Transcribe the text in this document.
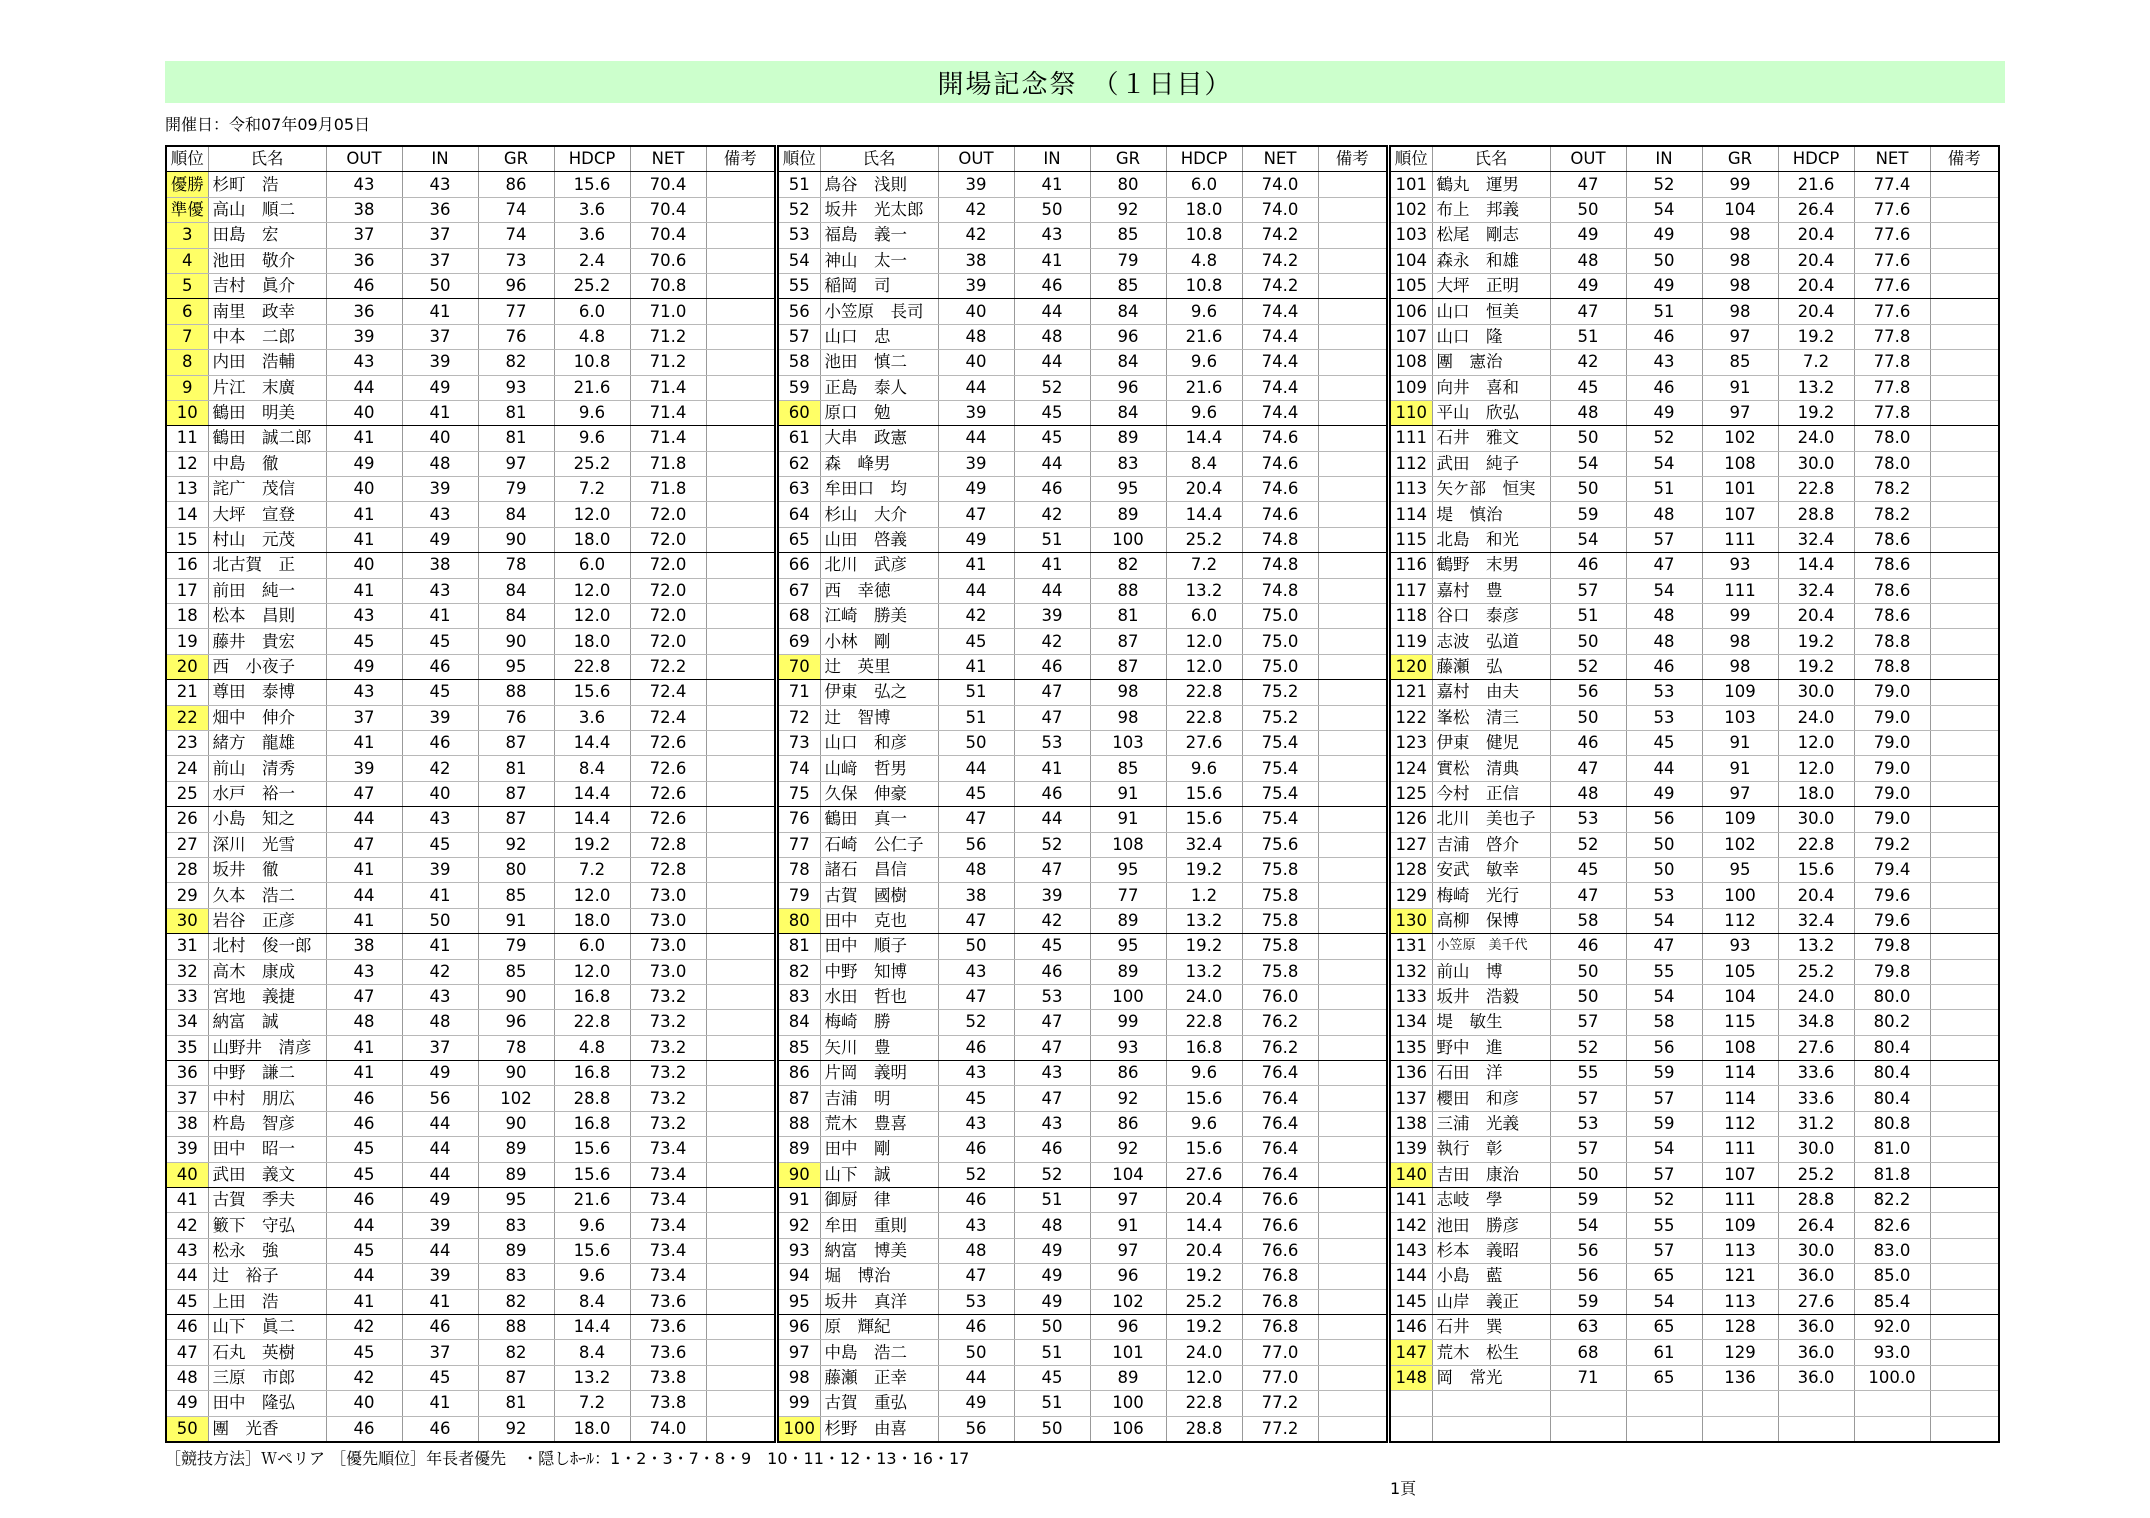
開場記念祭　（１日目）
開催日：令和07年09月05日
順位	氏名	OUT	IN	GR	HDCP	NET	備考
優勝	杉町　浩	43	43	86	15.6	70.4	
準優	高山　順二	38	36	74	3.6	70.4	
3	田島　宏	37	37	74	3.6	70.4	
4	池田　敬介	36	37	73	2.4	70.6	
5	吉村　眞介	46	50	96	25.2	70.8	
6	南里　政幸	36	41	77	6.0	71.0	
7	中本　二郎	39	37	76	4.8	71.2	
8	内田　浩輔	43	39	82	10.8	71.2	
9	片江　末廣	44	49	93	21.6	71.4	
10	鶴田　明美	40	41	81	9.6	71.4	
11	鶴田　誠二郎	41	40	81	9.6	71.4	
12	中島　徹	49	48	97	25.2	71.8	
13	詫广　茂信	40	39	79	7.2	71.8	
14	大坪　宣登	41	43	84	12.0	72.0	
15	村山　元茂	41	49	90	18.0	72.0	
16	北古賀　正	40	38	78	6.0	72.0	
17	前田　純一	41	43	84	12.0	72.0	
18	松本　昌則	43	41	84	12.0	72.0	
19	藤井　貴宏	45	45	90	18.0	72.0	
20	西　小夜子	49	46	95	22.8	72.2	
21	尊田　泰博	43	45	88	15.6	72.4	
22	畑中　伸介	37	39	76	3.6	72.4	
23	緒方　龍雄	41	46	87	14.4	72.6	
24	前山　清秀	39	42	81	8.4	72.6	
25	水戸　裕一	47	40	87	14.4	72.6	
26	小島　知之	44	43	87	14.4	72.6	
27	深川　光雪	47	45	92	19.2	72.8	
28	坂井　徹	41	39	80	7.2	72.8	
29	久本　浩二	44	41	85	12.0	73.0	
30	岩谷　正彦	41	50	91	18.0	73.0	
31	北村　俊一郎	38	41	79	6.0	73.0	
32	高木　康成	43	42	85	12.0	73.0	
33	宮地　義捷	47	43	90	16.8	73.2	
34	納富　誠	48	48	96	22.8	73.2	
35	山野井　清彦	41	37	78	4.8	73.2	
36	中野　謙二	41	49	90	16.8	73.2	
37	中村　朋広	46	56	102	28.8	73.2	
38	杵島　智彦	46	44	90	16.8	73.2	
39	田中　昭一	45	44	89	15.6	73.4	
40	武田　義文	45	44	89	15.6	73.4	
41	古賀　季夫	46	49	95	21.6	73.4	
42	籔下　守弘	44	39	83	9.6	73.4	
43	松永　強	45	44	89	15.6	73.4	
44	辻　裕子	44	39	83	9.6	73.4	
45	上田　浩	41	41	82	8.4	73.6	
46	山下　眞二	42	46	88	14.4	73.6	
47	石丸　英樹	45	37	82	8.4	73.6	
48	三原　市郎	42	45	87	13.2	73.8	
49	田中　隆弘	40	41	81	7.2	73.8	
50	團　光香	46	46	92	18.0	74.0	
順位	氏名	OUT	IN	GR	HDCP	NET	備考
51	鳥谷　浅則	39	41	80	6.0	74.0	
52	坂井　光太郎	42	50	92	18.0	74.0	
53	福島　義一	42	43	85	10.8	74.2	
54	神山　太一	38	41	79	4.8	74.2	
55	稲岡　司	39	46	85	10.8	74.2	
56	小笠原　長司	40	44	84	9.6	74.4	
57	山口　忠	48	48	96	21.6	74.4	
58	池田　慎二	40	44	84	9.6	74.4	
59	正島　泰人	44	52	96	21.6	74.4	
60	原口　勉	39	45	84	9.6	74.4	
61	大串　政憲	44	45	89	14.4	74.6	
62	森　峰男	39	44	83	8.4	74.6	
63	牟田口　均	49	46	95	20.4	74.6	
64	杉山　大介	47	42	89	14.4	74.6	
65	山田　啓義	49	51	100	25.2	74.8	
66	北川　武彦	41	41	82	7.2	74.8	
67	西　幸徳	44	44	88	13.2	74.8	
68	江崎　勝美	42	39	81	6.0	75.0	
69	小林　剛	45	42	87	12.0	75.0	
70	辻　英里	41	46	87	12.0	75.0	
71	伊東　弘之	51	47	98	22.8	75.2	
72	辻　智博	51	47	98	22.8	75.2	
73	山口　和彦	50	53	103	27.6	75.4	
74	山﨑　哲男	44	41	85	9.6	75.4	
75	久保　伸豪	45	46	91	15.6	75.4	
76	鶴田　真一	47	44	91	15.6	75.4	
77	石崎　公仁子	56	52	108	32.4	75.6	
78	諸石　昌信	48	47	95	19.2	75.8	
79	古賀　國樹	38	39	77	1.2	75.8	
80	田中　克也	47	42	89	13.2	75.8	
81	田中　順子	50	45	95	19.2	75.8	
82	中野　知博	43	46	89	13.2	75.8	
83	水田　哲也	47	53	100	24.0	76.0	
84	梅崎　勝	52	47	99	22.8	76.2	
85	矢川　豊	46	47	93	16.8	76.2	
86	片岡　義明	43	43	86	9.6	76.4	
87	吉浦　明	45	47	92	15.6	76.4	
88	荒木　豊喜	43	43	86	9.6	76.4	
89	田中　剛	46	46	92	15.6	76.4	
90	山下　誠	52	52	104	27.6	76.4	
91	御厨　律	46	51	97	20.4	76.6	
92	牟田　重則	43	48	91	14.4	76.6	
93	納富　博美	48	49	97	20.4	76.6	
94	堀　博治	47	49	96	19.2	76.8	
95	坂井　真洋	53	49	102	25.2	76.8	
96	原　輝紀	46	50	96	19.2	76.8	
97	中島　浩二	50	51	101	24.0	77.0	
98	藤瀬　正幸	44	45	89	12.0	77.0	
99	古賀　重弘	49	51	100	22.8	77.2	
100	杉野　由喜	56	50	106	28.8	77.2	
順位	氏名	OUT	IN	GR	HDCP	NET	備考
101	鶴丸　運男	47	52	99	21.6	77.4	
102	布上　邦義	50	54	104	26.4	77.6	
103	松尾　剛志	49	49	98	20.4	77.6	
104	森永　和雄	48	50	98	20.4	77.6	
105	大坪　正明	49	49	98	20.4	77.6	
106	山口　恒美	47	51	98	20.4	77.6	
107	山口　隆	51	46	97	19.2	77.8	
108	團　憲治	42	43	85	7.2	77.8	
109	向井　喜和	45	46	91	13.2	77.8	
110	平山　欣弘	48	49	97	19.2	77.8	
111	石井　雅文	50	52	102	24.0	78.0	
112	武田　純子	54	54	108	30.0	78.0	
113	矢ケ部　恒実	50	51	101	22.8	78.2	
114	堤　慎治	59	48	107	28.8	78.2	
115	北島　和光	54	57	111	32.4	78.6	
116	鶴野　末男	46	47	93	14.4	78.6	
117	嘉村　豊	57	54	111	32.4	78.6	
118	谷口　泰彦	51	48	99	20.4	78.6	
119	志波　弘道	50	48	98	19.2	78.8	
120	藤瀬　弘	52	46	98	19.2	78.8	
121	嘉村　由夫	56	53	109	30.0	79.0	
122	峯松　清三	50	53	103	24.0	79.0	
123	伊東　健児	46	45	91	12.0	79.0	
124	實松　清典	47	44	91	12.0	79.0	
125	今村　正信	48	49	97	18.0	79.0	
126	北川　美也子	53	56	109	30.0	79.0	
127	吉浦　啓介	52	50	102	22.8	79.2	
128	安武　敏幸	45	50	95	15.6	79.4	
129	梅崎　光行	47	53	100	20.4	79.6	
130	高柳　保博	58	54	112	32.4	79.6	
131	小笠原　美千代	46	47	93	13.2	79.8	
132	前山　博	50	55	105	25.2	79.8	
133	坂井　浩毅	50	54	104	24.0	80.0	
134	堤　敏生	57	58	115	34.8	80.2	
135	野中　進	52	56	108	27.6	80.4	
136	石田　洋	55	59	114	33.6	80.4	
137	櫻田　和彦	57	57	114	33.6	80.4	
138	三浦　光義	53	59	112	31.2	80.8	
139	執行　彰	57	54	111	30.0	81.0	
140	吉田　康治	50	57	107	25.2	81.8	
141	志岐　學	59	52	111	28.8	82.2	
142	池田　勝彦	54	55	109	26.4	82.6	
143	杉本　義昭	56	57	113	30.0	83.0	
144	小島　藍	56	65	121	36.0	85.0	
145	山岸　義正	59	54	113	27.6	85.4	
146	石井　巽	63	65	128	36.0	92.0	
147	荒木　松生	68	61	129	36.0	93.0	
148	岡　常光	71	65	136	36.0	100.0	

［競技方法］Ｗペリア ［優先順位］年長者優先　・隠しﾎｰﾙ：1・2・3・7・8・9　10・11・12・13・16・17
1頁
